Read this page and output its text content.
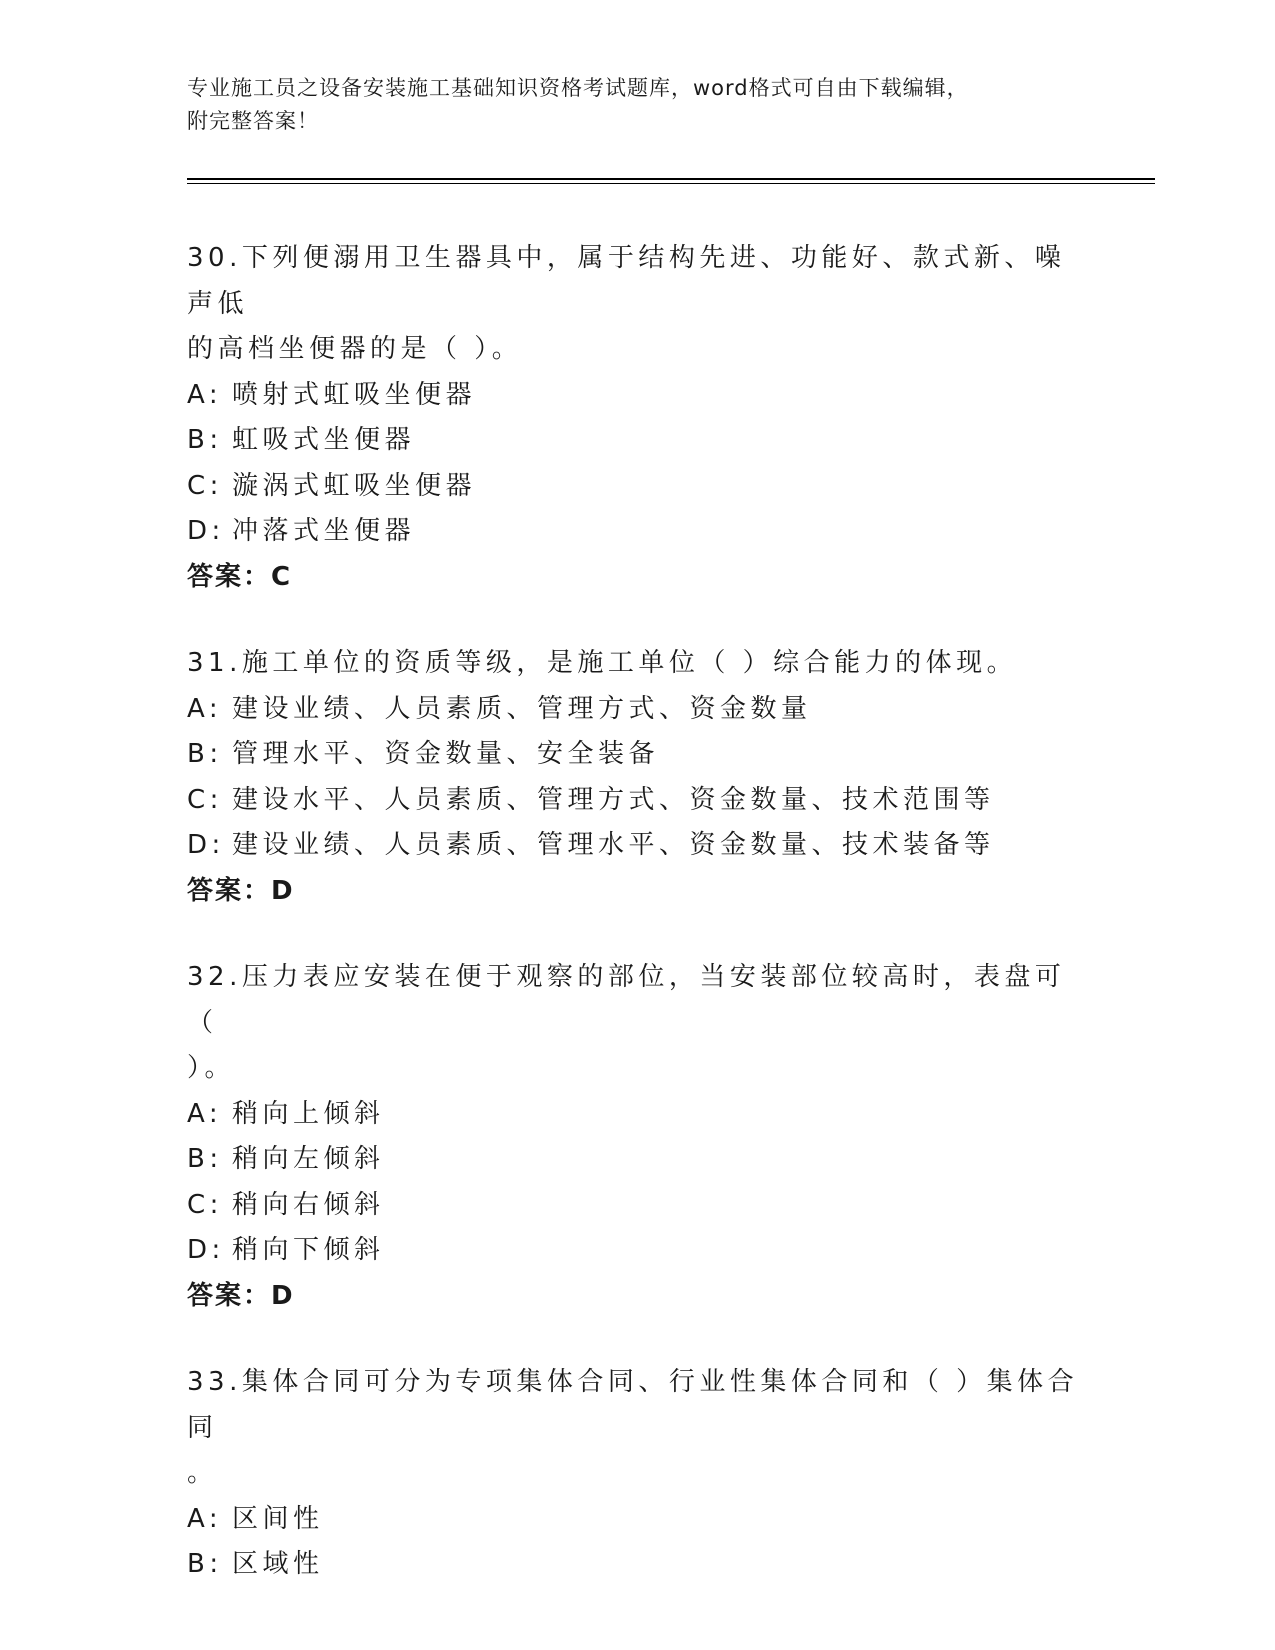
专业施工员之设备安装施工基础知识资格考试题库，word格式可自由下载编辑，
附完整答案！
30.下列便溺用卫生器具中，属于结构先进、功能好、款式新、噪声低
的高档坐便器的是（ ）。
A: 喷射式虹吸坐便器
B: 虹吸式坐便器
C: 漩涡式虹吸坐便器
D: 冲落式坐便器
答案：C
31.施工单位的资质等级，是施工单位（ ）综合能力的体现。
A: 建设业绩、人员素质、管理方式、资金数量
B: 管理水平、资金数量、安全装备
C: 建设水平、人员素质、管理方式、资金数量、技术范围等
D: 建设业绩、人员素质、管理水平、资金数量、技术装备等
答案：D
32.压力表应安装在便于观察的部位，当安装部位较高时，表盘可（
）。
A: 稍向上倾斜
B: 稍向左倾斜
C: 稍向右倾斜
D: 稍向下倾斜
答案：D
33.集体合同可分为专项集体合同、行业性集体合同和（ ）集体合同
。
A: 区间性
B: 区域性
